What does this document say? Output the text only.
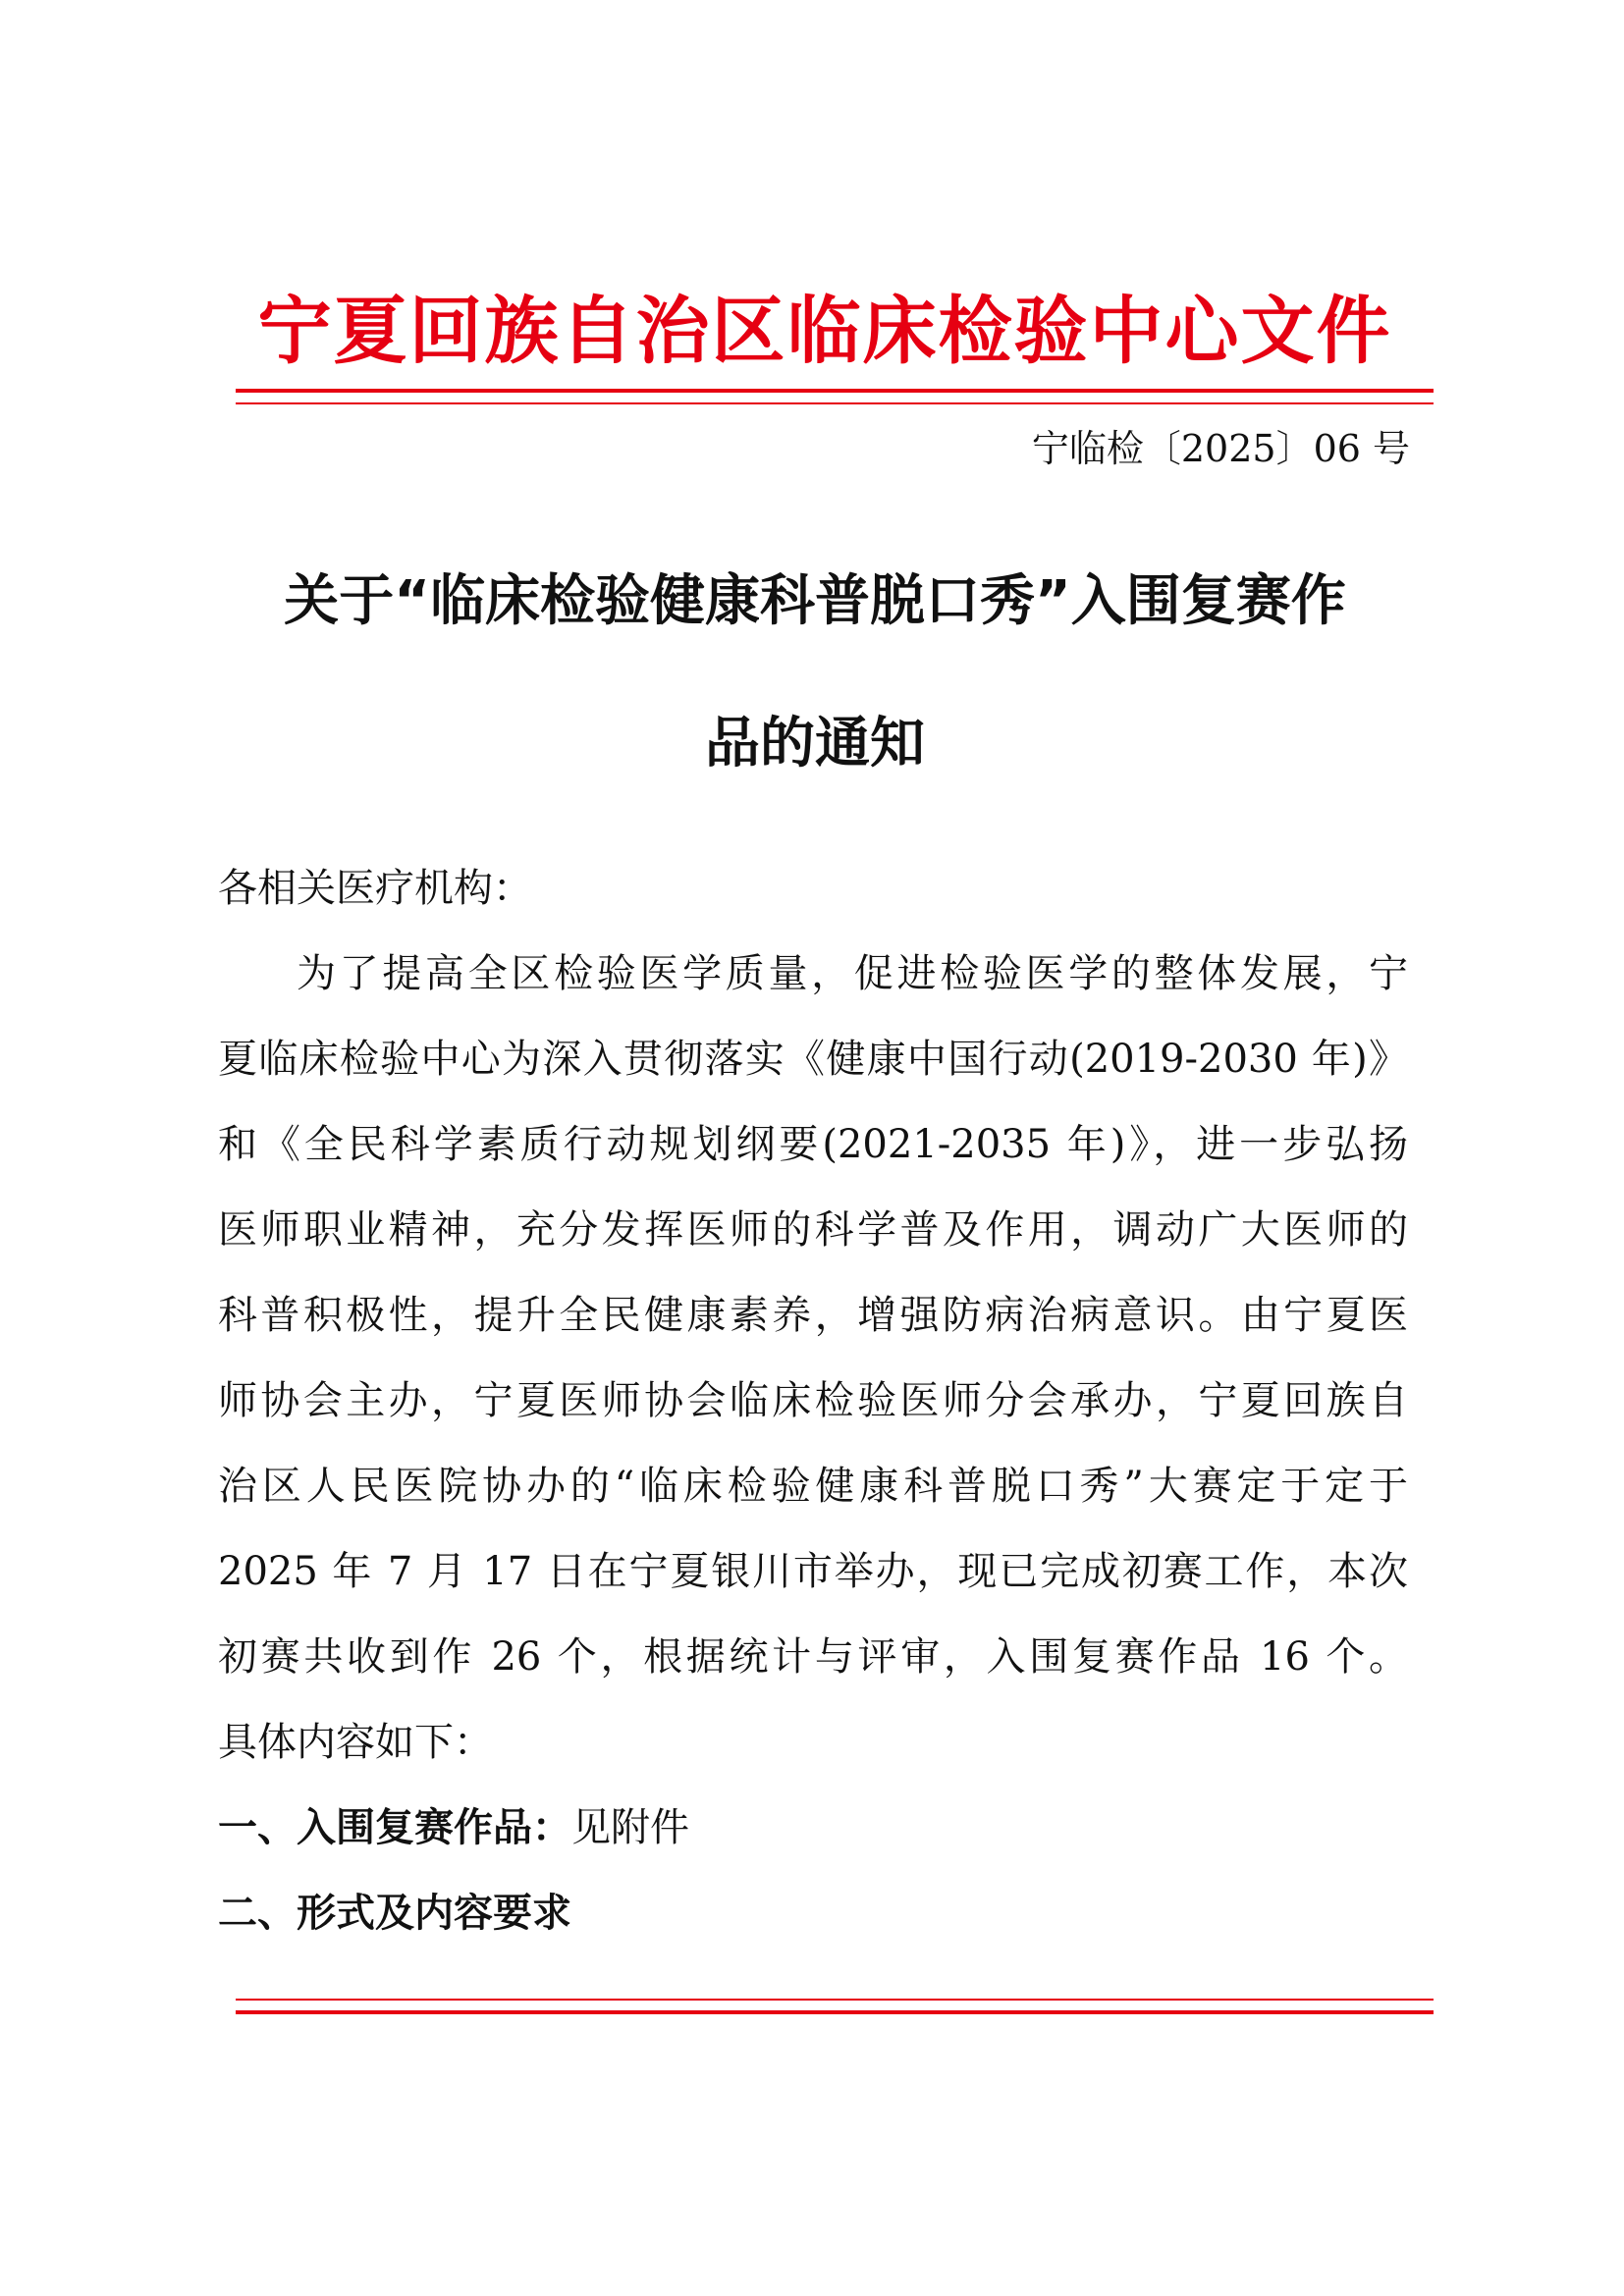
宁夏回族自治区临床检验中心文件
宁临检〔2025〕06 号
关于“临床检验健康科普脱口秀”入围复赛作
品的通知
各相关医疗机构：
为了提高全区检验医学质量，促进检验医学的整体发展，宁
夏临床检验中心为深入贯彻落实《健康中国行动(2019-2030 年)》
和《全民科学素质行动规划纲要(2021-2035 年)》，进一步弘扬
医师职业精神，充分发挥医师的科学普及作用，调动广大医师的
科普积极性，提升全民健康素养，增强防病治病意识。由宁夏医
师协会主办，宁夏医师协会临床检验医师分会承办，宁夏回族自
治区人民医院协办的“临床检验健康科普脱口秀”大赛定于定于
2025 年 7 月 17 日在宁夏银川市举办，现已完成初赛工作，本次
初赛共收到作 26 个，根据统计与评审，入围复赛作品 16 个。
具体内容如下：
一、入围复赛作品：见附件
二、形式及内容要求
